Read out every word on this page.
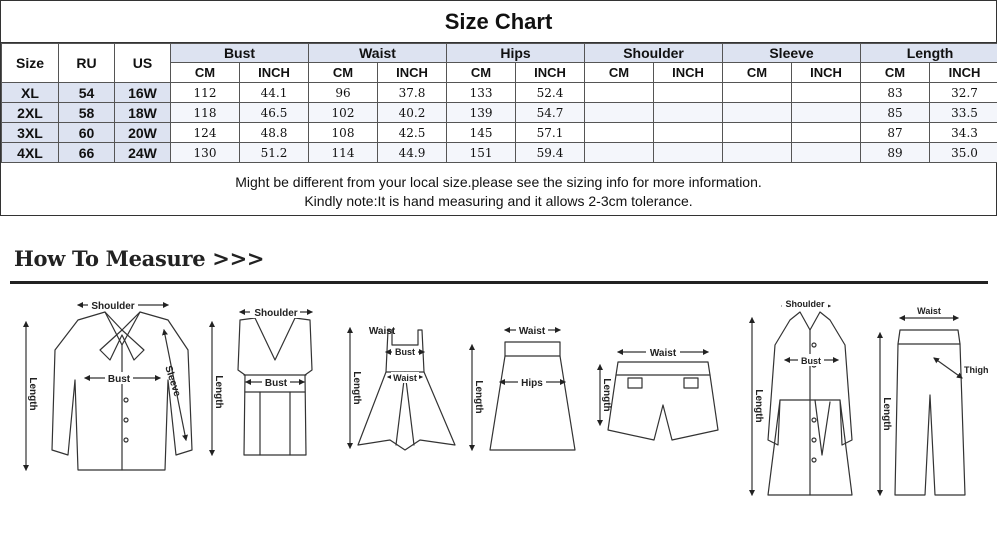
Size Chart
Size	RU	US	Bust		Waist		Hips		Shoulder		Sleeve		Length	
			CM	INCH	CM	INCH	CM	INCH	CM	INCH	CM	INCH	CM	INCH
XL	54	16W	112	44.1	96	37.8	133	52.4					83	32.7
2XL	58	18W	118	46.5	102	40.2	139	54.7					85	33.5
3XL	60	20W	124	48.8	108	42.5	145	57.1					87	34.3
4XL	66	24W	130	51.2	114	44.9	151	59.4					89	35.0
Might be different from your local size.please see the sizing info for more information.
Kindly note:It is hand measuring and it allows 2-3cm tolerance.
How To Measure >>>
Shoulder
Bust
Length	Sleeve
Shoulder
Bust
Length
Bust
Waist
Length
Waist	Waist
Hips
Length
Waist
Length
Shoulder
Bust
Length
Waist
Thigh
Length
